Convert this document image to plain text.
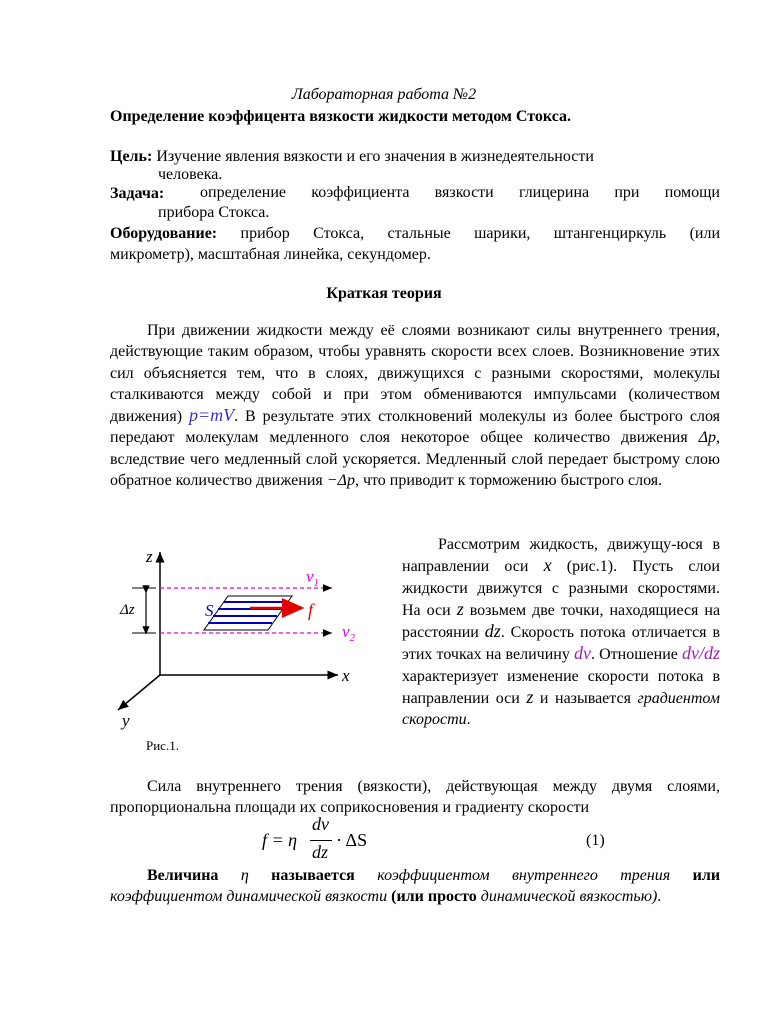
Лабораторная работа №2
Определение коэффицента вязкости жидкости методом Стокса.
Цель: Изучение явления вязкости и его значения в жизнедеятельности
человека.
Задача:	определение коэффициента вязкости глицерина при помощи
прибора Стокса.
Оборудование: прибор Стокса, стальные шарики, штангенциркуль (или
микрометр), масштабная линейка, секундомер.
Краткая теория
При движении жидкости между её слоями возникают силы внутреннего трения, действующие таким образом, чтобы уравнять скорости всех слоев. Возникновение этих сил объясняется тем, что в слоях, движущихся с разными скоростями, молекулы сталкиваются между собой и при этом обмениваются импульсами (количеством движения) p=mV. В результате этих столкновений молекулы из более быстрого слоя передают молекулам медленного слоя некоторое общее количество движения Δp, вследствие чего медленный слой ускоряется. Медленный слой передает быстрому слою обратное количество движения −Δp, что приводит к торможению быстрого слоя.
z
x
y
$v_1$
$v_2$
Δz	S	f
Рис.1.
Рассмотрим жидкость, движущу-юся в направлении оси x (рис.1). Пусть слои жидкости движутся с разными скоростями. На оси z возьмем две точки, находящиеся на расстоянии dz. Скорость потока отличается в этих точках на величину dv. Отношение dv/dz характеризует изменение скорости потока в направлении оси z и называется градиентом скорости.
Сила внутреннего трения (вязкости), действующая между двумя слоями, пропорциональна площади их соприкосновения и градиенту скорости
f = η
dv
dz
· ΔS	(1)
Величина η называется коэффициентом внутреннего трения или коэффициентом динамической вязкости (или просто динамической вязкостью).
